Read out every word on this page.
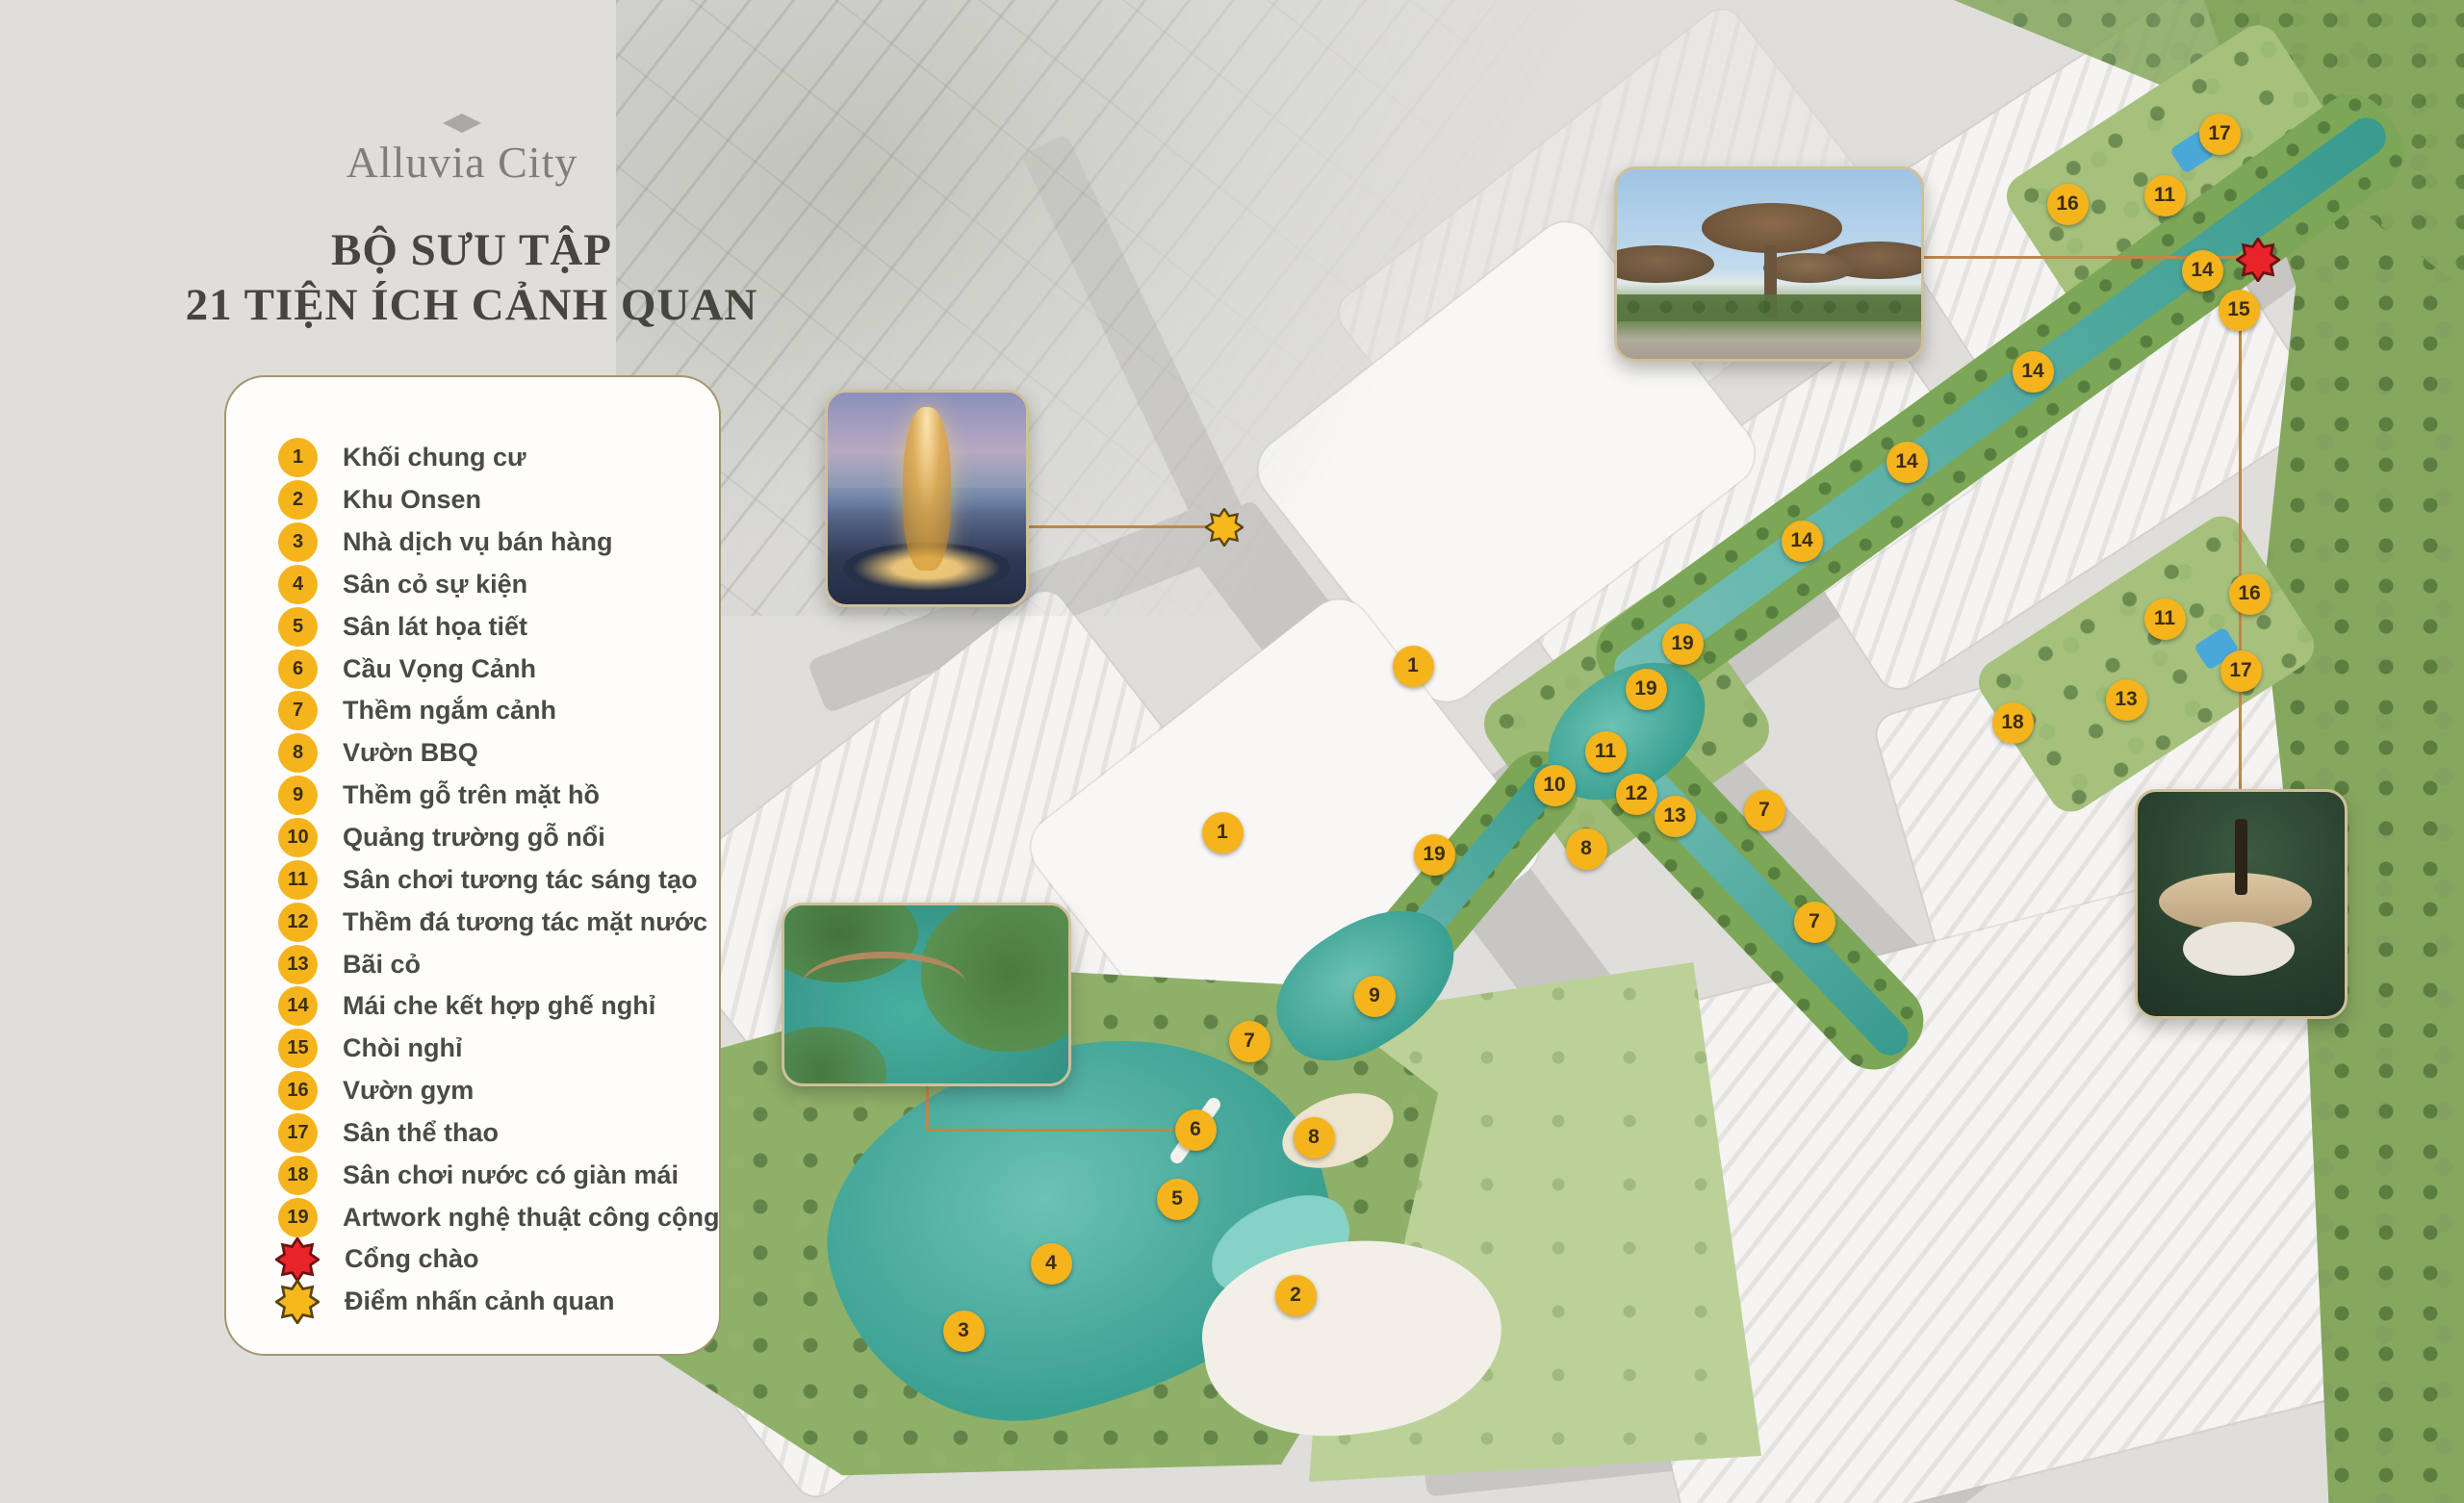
17
16	11
14
15
14
14
14
19
19
1
11
10	12
13	7
8
19
1
7
9
7
6	8
5
4
2
3
16
11
17
13
18
Alluvia City
BỘ SƯU TẬP
21 TIỆN ÍCH CẢNH QUAN
1	Khối chung cư
2	Khu Onsen
3	Nhà dịch vụ bán hàng
4	Sân cỏ sự kiện
5	Sân lát họa tiết
6	Cầu Vọng Cảnh
7	Thềm ngắm cảnh
8	Vườn BBQ
9	Thềm gỗ trên mặt hồ
10	Quảng trường gỗ nổi
11	Sân chơi tương tác sáng tạo
12	Thềm đá tương tác mặt nước
13	Bãi cỏ
14	Mái che kết hợp ghế nghỉ
15	Chòi nghỉ
16	Vườn gym
17	Sân thể thao
18	Sân chơi nước có giàn mái
19	Artwork nghệ thuật công cộng
Cổng chào
Điểm nhấn cảnh quan
